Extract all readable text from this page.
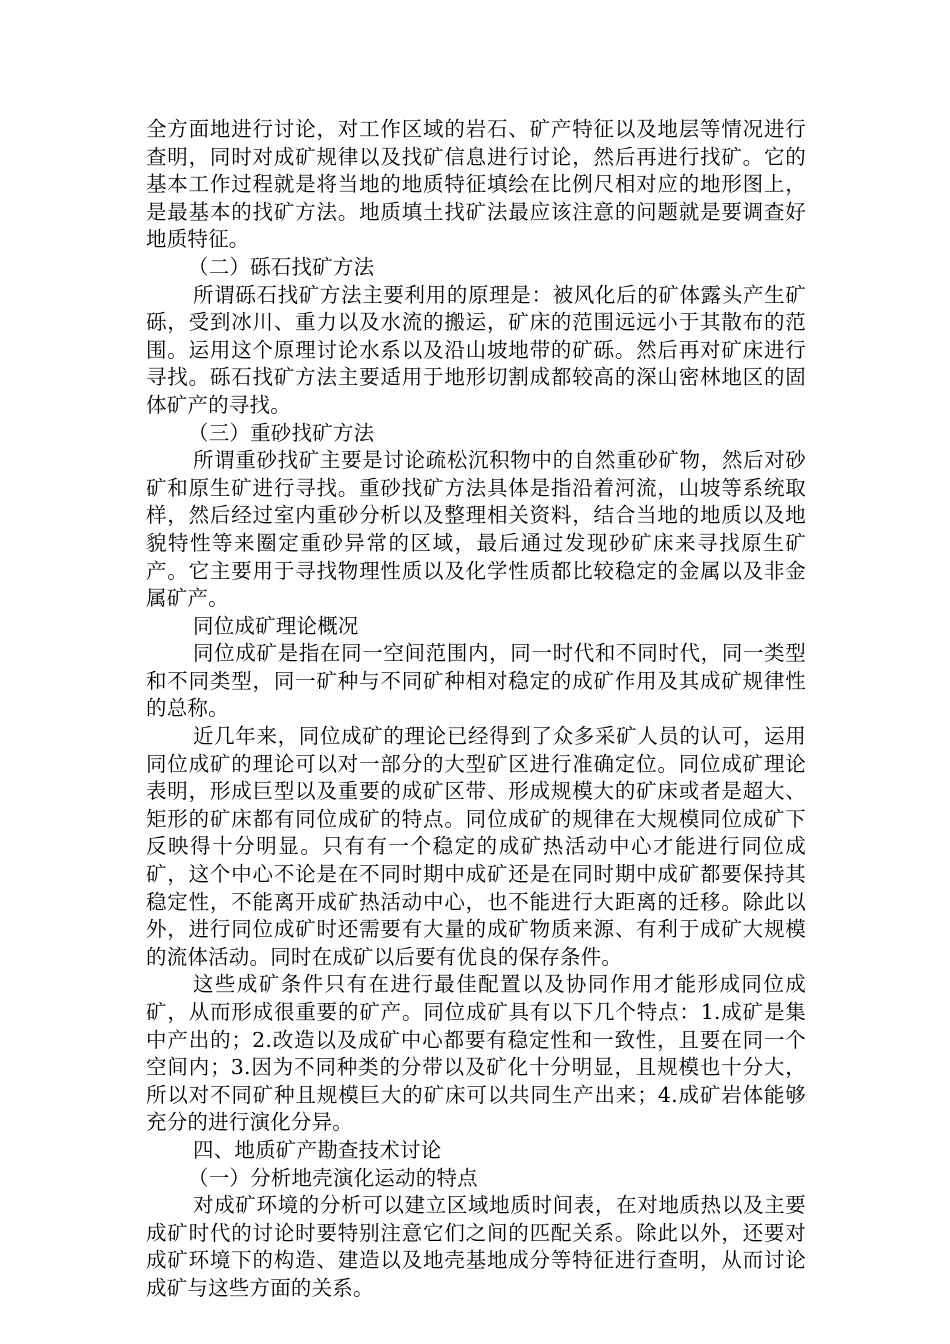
全方面地进行讨论，对工作区域的岩石、矿产特征以及地层等情况进行查明，同时对成矿规律以及找矿信息进行讨论，然后再进行找矿。它的基本工作过程就是将当地的地质特征填绘在比例尺相对应的地形图上，是最基本的找矿方法。地质填土找矿法最应该注意的问题就是要调查好地质特征。

（二）砾石找矿方法

所谓砾石找矿方法主要利用的原理是：被风化后的矿体露头产生矿砾，受到冰川、重力以及水流的搬运，矿床的范围远远小于其散布的范围。运用这个原理讨论水系以及沿山坡地带的矿砾。然后再对矿床进行寻找。砾石找矿方法主要适用于地形切割成都较高的深山密林地区的固体矿产的寻找。

（三）重砂找矿方法

所谓重砂找矿主要是讨论疏松沉积物中的自然重砂矿物，然后对砂矿和原生矿进行寻找。重砂找矿方法具体是指沿着河流，山坡等系统取样，然后经过室内重砂分析以及整理相关资料，结合当地的地质以及地貌特性等来圈定重砂异常的区域，最后通过发现砂矿床来寻找原生矿产。它主要用于寻找物理性质以及化学性质都比较稳定的金属以及非金属矿产。

同位成矿理论概况

同位成矿是指在同一空间范围内，同一时代和不同时代，同一类型和不同类型，同一矿种与不同矿种相对稳定的成矿作用及其成矿规律性的总称。

近几年来，同位成矿的理论已经得到了众多采矿人员的认可，运用同位成矿的理论可以对一部分的大型矿区进行准确定位。同位成矿理论表明，形成巨型以及重要的成矿区带、形成规模大的矿床或者是超大、矩形的矿床都有同位成矿的特点。同位成矿的规律在大规模同位成矿下反映得十分明显。只有有一个稳定的成矿热活动中心才能进行同位成矿，这个中心不论是在不同时期中成矿还是在同时期中成矿都要保持其稳定性，不能离开成矿热活动中心，也不能进行大距离的迁移。除此以外，进行同位成矿时还需要有大量的成矿物质来源、有利于成矿大规模的流体活动。同时在成矿以后要有优良的保存条件。

这些成矿条件只有在进行最佳配置以及协同作用才能形成同位成矿，从而形成很重要的矿产。同位成矿具有以下几个特点：1.成矿是集中产出的；2.改造以及成矿中心都要有稳定性和一致性，且要在同一个空间内；3.因为不同种类的分带以及矿化十分明显，且规模也十分大，所以对不同矿种且规模巨大的矿床可以共同生产出来；4.成矿岩体能够充分的进行演化分异。

四、地质矿产勘查技术讨论

（一）分析地壳演化运动的特点

对成矿环境的分析可以建立区域地质时间表，在对地质热以及主要成矿时代的讨论时要特别注意它们之间的匹配关系。除此以外，还要对成矿环境下的构造、建造以及地壳基地成分等特征进行查明，从而讨论成矿与这些方面的关系。
